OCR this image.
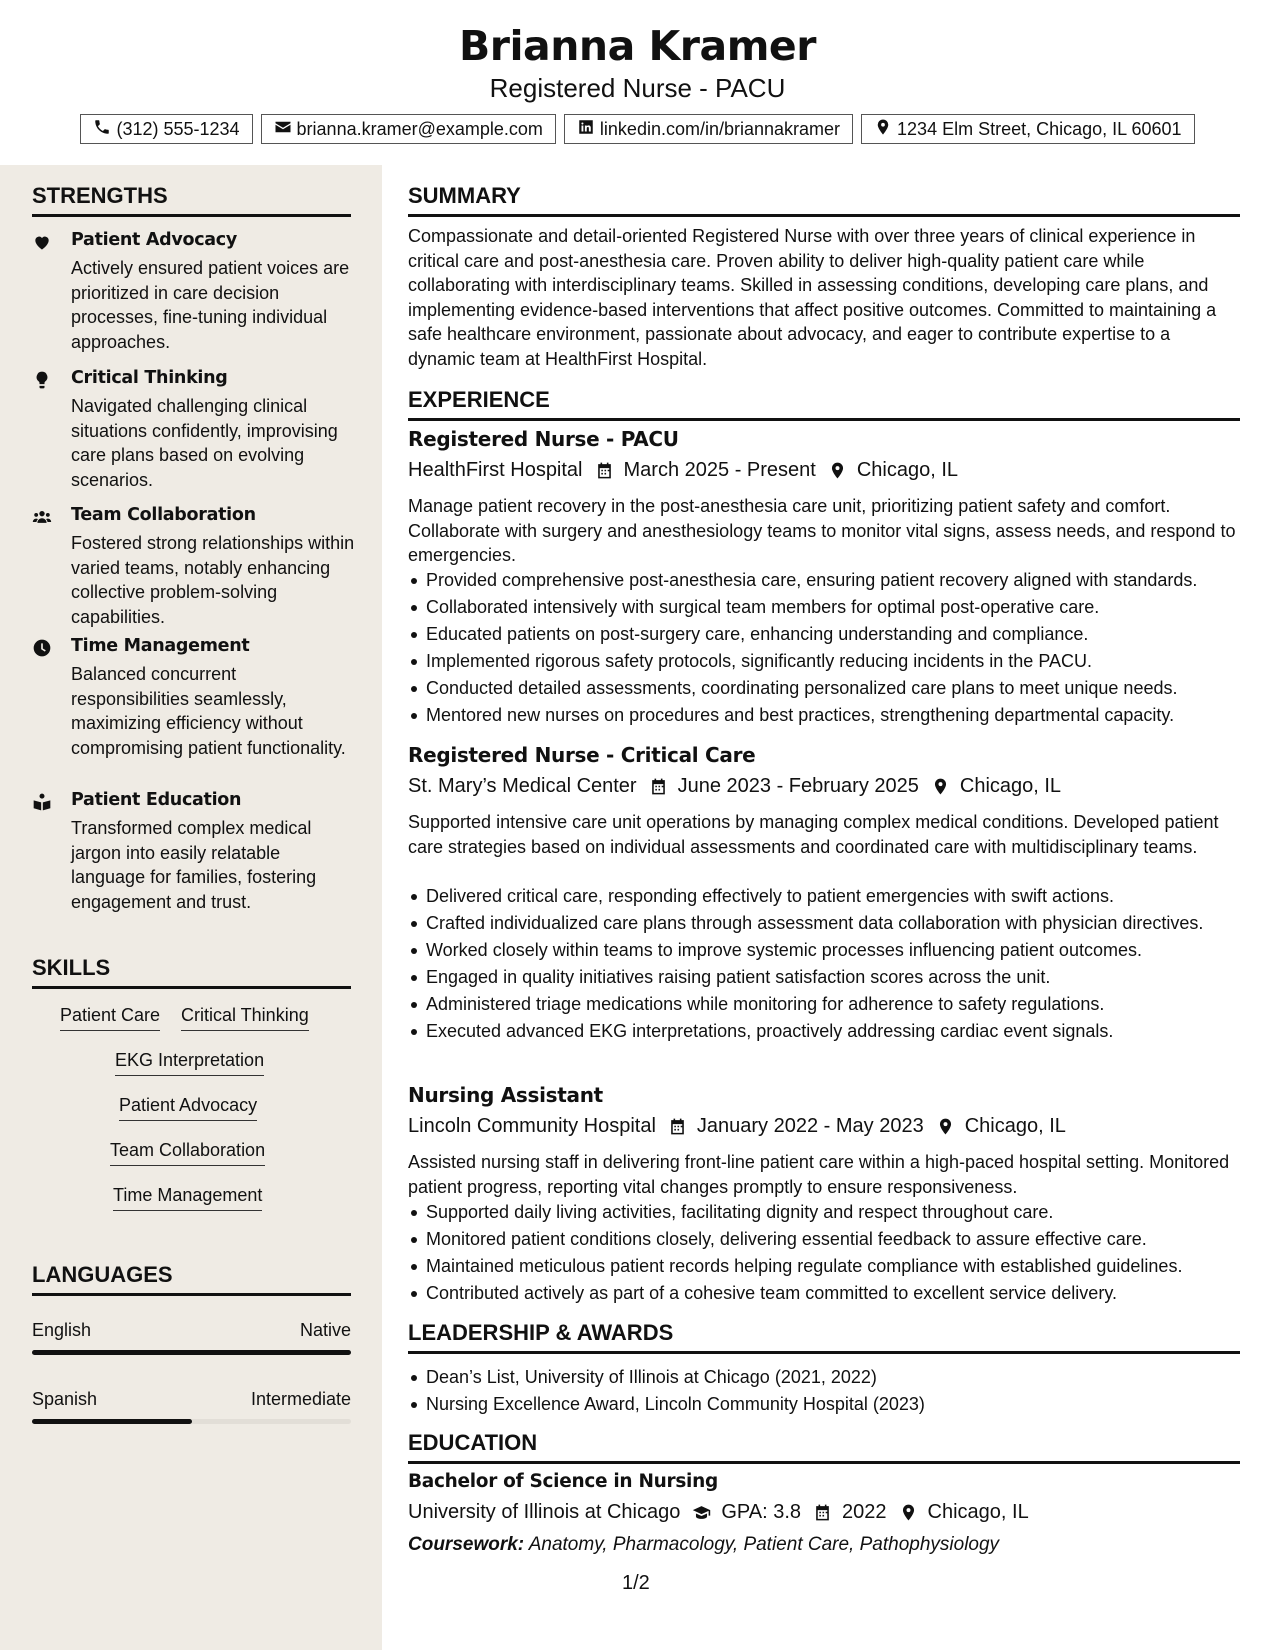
Brianna Kramer
Registered Nurse - PACU
(312) 555-1234	brianna.kramer@example.com	linkedin.com/in/briannakramer	1234 Elm Street, Chicago, IL 60601
STRENGTHS
Patient Advocacy
Actively ensured patient voices are prioritized in care decision processes, fine-tuning individual approaches.
Critical Thinking
Navigated challenging clinical situations confidently, improvising care plans based on evolving scenarios.
Team Collaboration
Fostered strong relationships within varied teams, notably enhancing collective problem-solving capabilities.
Time Management
Balanced concurrent responsibilities seamlessly, maximizing efficiency without compromising patient functionality.
Patient Education
Transformed complex medical jargon into easily relatable language for families, fostering engagement and trust.
SKILLS
Patient Care Critical Thinking
EKG Interpretation
Patient Advocacy
Team Collaboration
Time Management
LANGUAGES
English	Native
Spanish	Intermediate
SUMMARY
Compassionate and detail-oriented Registered Nurse with over three years of clinical experience in critical care and post-anesthesia care. Proven ability to deliver high-quality patient care while collaborating with interdisciplinary teams. Skilled in assessing conditions, developing care plans, and implementing evidence-based interventions that affect positive outcomes. Committed to maintaining a safe healthcare environment, passionate about advocacy, and eager to contribute expertise to a dynamic team at HealthFirst Hospital.
EXPERIENCE
Registered Nurse - PACU
HealthFirst Hospital March 2025 - Present Chicago, IL
Manage patient recovery in the post-anesthesia care unit, prioritizing patient safety and comfort. Collaborate with surgery and anesthesiology teams to monitor vital signs, assess needs, and respond to emergencies.
Provided comprehensive post-anesthesia care, ensuring patient recovery aligned with standards.
Collaborated intensively with surgical team members for optimal post-operative care.
Educated patients on post-surgery care, enhancing understanding and compliance.
Implemented rigorous safety protocols, significantly reducing incidents in the PACU.
Conducted detailed assessments, coordinating personalized care plans to meet unique needs.
Mentored new nurses on procedures and best practices, strengthening departmental capacity.
Registered Nurse - Critical Care
St. Mary’s Medical Center June 2023 - February 2025 Chicago, IL
Supported intensive care unit operations by managing complex medical conditions. Developed patient care strategies based on individual assessments and coordinated care with multidisciplinary teams.
Delivered critical care, responding effectively to patient emergencies with swift actions.
Crafted individualized care plans through assessment data collaboration with physician directives.
Worked closely within teams to improve systemic processes influencing patient outcomes.
Engaged in quality initiatives raising patient satisfaction scores across the unit.
Administered triage medications while monitoring for adherence to safety regulations.
Executed advanced EKG interpretations, proactively addressing cardiac event signals.
Nursing Assistant
Lincoln Community Hospital January 2022 - May 2023 Chicago, IL
Assisted nursing staff in delivering front-line patient care within a high-paced hospital setting. Monitored patient progress, reporting vital changes promptly to ensure responsiveness.
Supported daily living activities, facilitating dignity and respect throughout care.
Monitored patient conditions closely, delivering essential feedback to assure effective care.
Maintained meticulous patient records helping regulate compliance with established guidelines.
Contributed actively as part of a cohesive team committed to excellent service delivery.
LEADERSHIP & AWARDS
Dean’s List, University of Illinois at Chicago (2021, 2022)
Nursing Excellence Award, Lincoln Community Hospital (2023)
EDUCATION
Bachelor of Science in Nursing
University of Illinois at Chicago GPA: 3.8 2022 Chicago, IL
Coursework: Anatomy, Pharmacology, Patient Care, Pathophysiology
1/2
